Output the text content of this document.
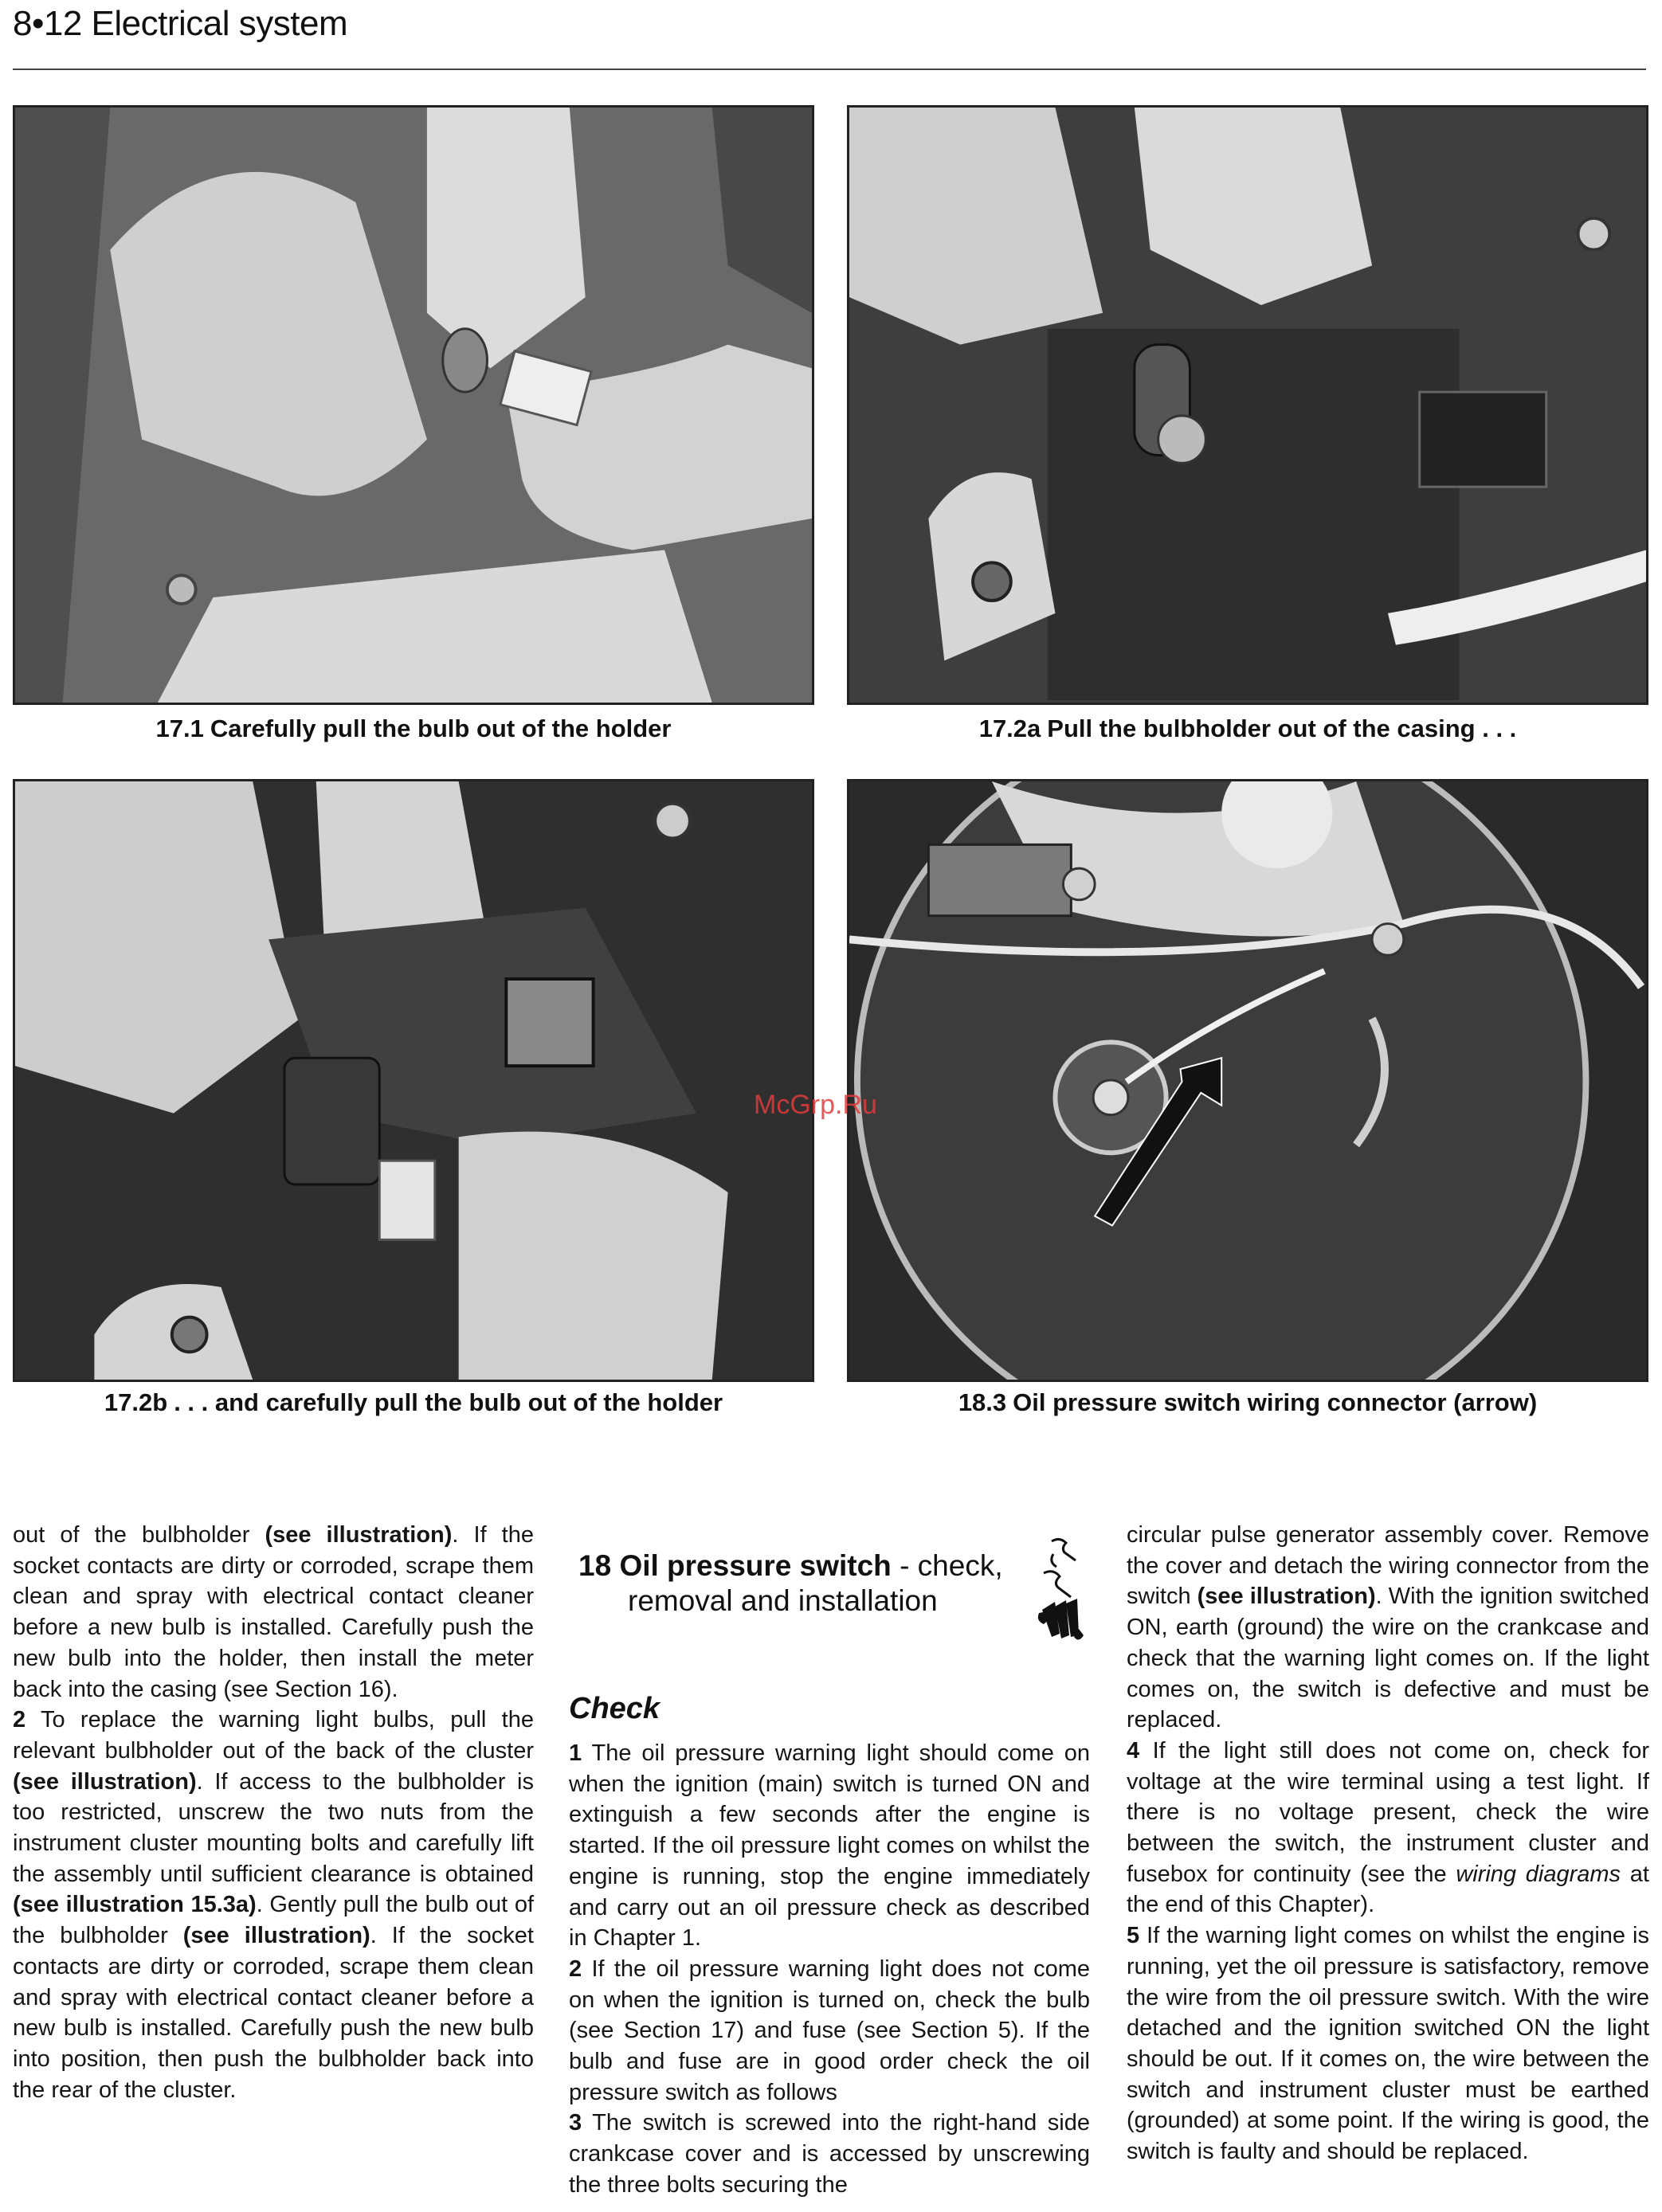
8•12 Electrical system
17.1 Carefully pull the bulb out of the holder	17.2a Pull the bulbholder out of the casing . . .
17.2b . . . and carefully pull the bulb out of the holder	18.3 Oil pressure switch wiring connector (arrow)
McGrp.Ru

out of the bulbholder (see illustration). If the socket contacts are dirty or corroded, scrape them clean and spray with electrical contact cleaner before a new bulb is installed. Carefully push the new bulb into the holder, then install the meter back into the casing (see Section 16).

2 To replace the warning light bulbs, pull the relevant bulbholder out of the back of the cluster (see illustration). If access to the bulbholder is too restricted, unscrew the two nuts from the instrument cluster mounting bolts and carefully lift the assembly until sufficient clearance is obtained (see illustration 15.3a). Gently pull the bulb out of the bulbholder (see illustration). If the socket contacts are dirty or corroded, scrape them clean and spray with electrical contact cleaner before a new bulb is installed. Carefully push the new bulb into position, then push the bulbholder back into the rear of the cluster.

18 Oil pressure switch - check,
removal and installation
Check

1 The oil pressure warning light should come on when the ignition (main) switch is turned ON and extinguish a few seconds after the engine is started. If the oil pressure light comes on whilst the engine is running, stop the engine immediately and carry out an oil pressure check as described in Chapter 1.

2 If the oil pressure warning light does not come on when the ignition is turned on, check the bulb (see Section 17) and fuse (see Section 5). If the bulb and fuse are in good order check the oil pressure switch as follows

3 The switch is screwed into the right-hand side crankcase cover and is accessed by unscrewing the three bolts securing the

circular pulse generator assembly cover. Remove the cover and detach the wiring connector from the switch (see illustration). With the ignition switched ON, earth (ground) the wire on the crankcase and check that the warning light comes on. If the light comes on, the switch is defective and must be replaced.

4 If the light still does not come on, check for voltage at the wire terminal using a test light. If there is no voltage present, check the wire between the switch, the instrument cluster and fusebox for continuity (see the wiring diagrams at the end of this Chapter).

5 If the warning light comes on whilst the engine is running, yet the oil pressure is satisfactory, remove the wire from the oil pressure switch. With the wire detached and the ignition switched ON the light should be out. If it comes on, the wire between the switch and instrument cluster must be earthed (grounded) at some point. If the wiring is good, the switch is faulty and should be replaced.
